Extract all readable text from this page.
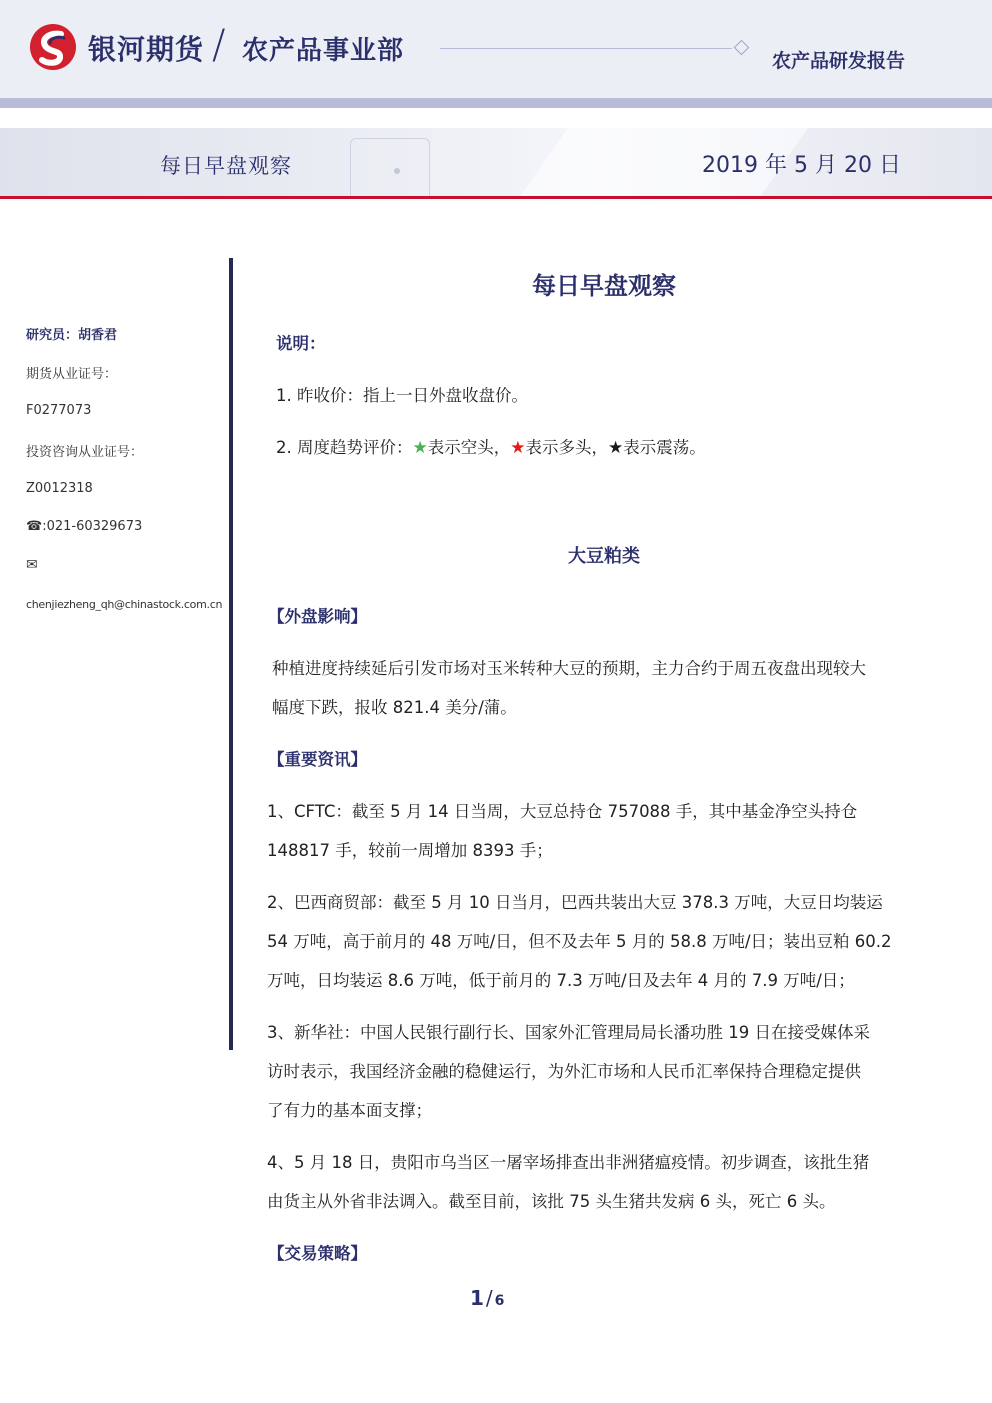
银河期货 / 农产品事业部	农产品研发报告
每日早盘观察	2019 年 5 月 20 日
研究员：胡香君
期货从业证号：
F0277073
投资咨询从业证号：
Z0012318
☎:021-60329673
✉
chenjiezheng_qh@chinastock.com.cn
每日早盘观察
说明：
1. 昨收价：指上一日外盘收盘价。
2. 周度趋势评价：★表示空头，★表示多头，★表示震荡。
大豆粕类
【外盘影响】
种植进度持续延后引发市场对玉米转种大豆的预期，主力合约于周五夜盘出现较大
幅度下跌，报收 821.4 美分/蒲。
【重要资讯】
1、CFTC：截至 5 月 14 日当周，大豆总持仓 757088 手，其中基金净空头持仓
148817 手，较前一周增加 8393 手；
2、巴西商贸部：截至 5 月 10 日当月，巴西共装出大豆 378.3 万吨，大豆日均装运
54 万吨，高于前月的 48 万吨/日，但不及去年 5 月的 58.8 万吨/日；装出豆粕 60.2
万吨，日均装运 8.6 万吨，低于前月的 7.3 万吨/日及去年 4 月的 7.9 万吨/日；
3、新华社：中国人民银行副行长、国家外汇管理局局长潘功胜 19 日在接受媒体采
访时表示，我国经济金融的稳健运行，为外汇市场和人民币汇率保持合理稳定提供
了有力的基本面支撑；
4、5 月 18 日，贵阳市乌当区一屠宰场排查出非洲猪瘟疫情。初步调查，该批生猪
由货主从外省非法调入。截至目前，该批 75 头生猪共发病 6 头，死亡 6 头。
【交易策略】
1 / 6
